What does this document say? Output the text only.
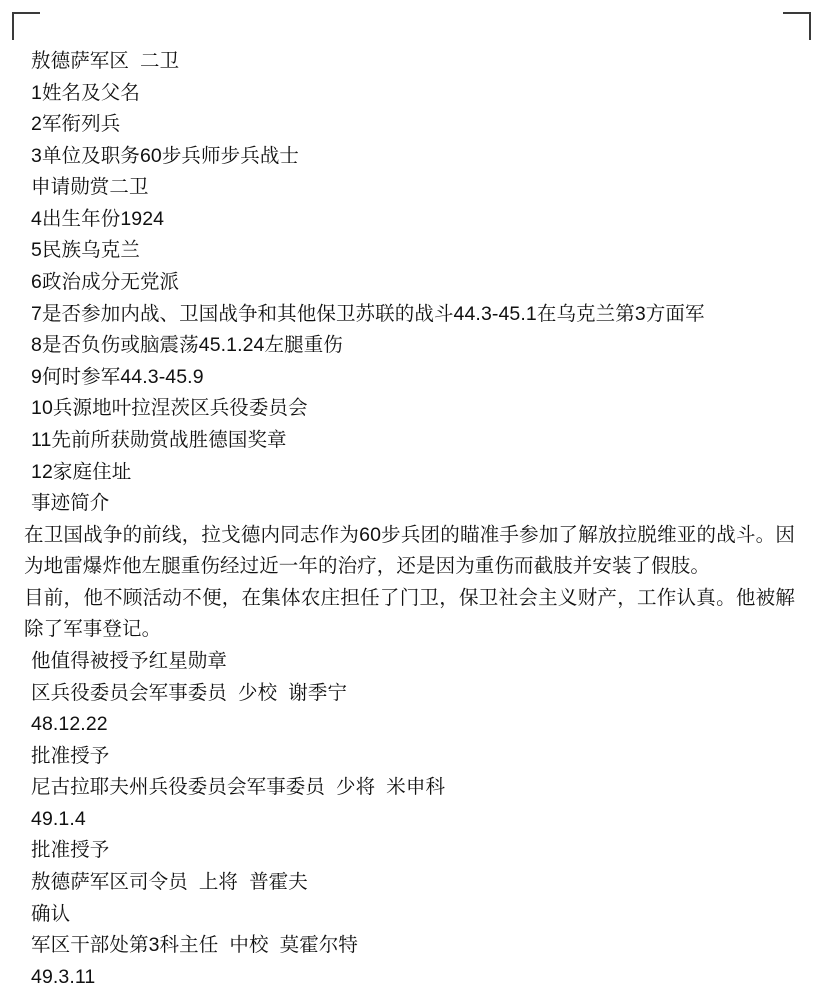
敖德萨军区  二卫
1姓名及父名
2军衔列兵
3单位及职务60步兵师步兵战士
申请勋赏二卫
4出生年份1924
5民族乌克兰
6政治成分无党派
7是否参加内战、卫国战争和其他保卫苏联的战斗44.3-45.1在乌克兰第3方面军
8是否负伤或脑震荡45.1.24左腿重伤
9何时参军44.3-45.9
10兵源地叶拉涅茨区兵役委员会
11先前所获勋赏战胜德国奖章
12家庭住址
事迹简介
在卫国战争的前线，拉戈德内同志作为60步兵团的瞄准手参加了解放拉脱维亚的战斗。因为地雷爆炸他左腿重伤经过近一年的治疗，还是因为重伤而截肢并安装了假肢。
目前，他不顾活动不便，在集体农庄担任了门卫，保卫社会主义财产，工作认真。他被解除了军事登记。
他值得被授予红星勋章
区兵役委员会军事委员  少校  谢季宁
48.12.22
批准授予
尼古拉耶夫州兵役委员会军事委员  少将  米申科
49.1.4
批准授予
敖德萨军区司令员  上将  普霍夫
确认
军区干部处第3科主任  中校  莫霍尔特
49.3.11
